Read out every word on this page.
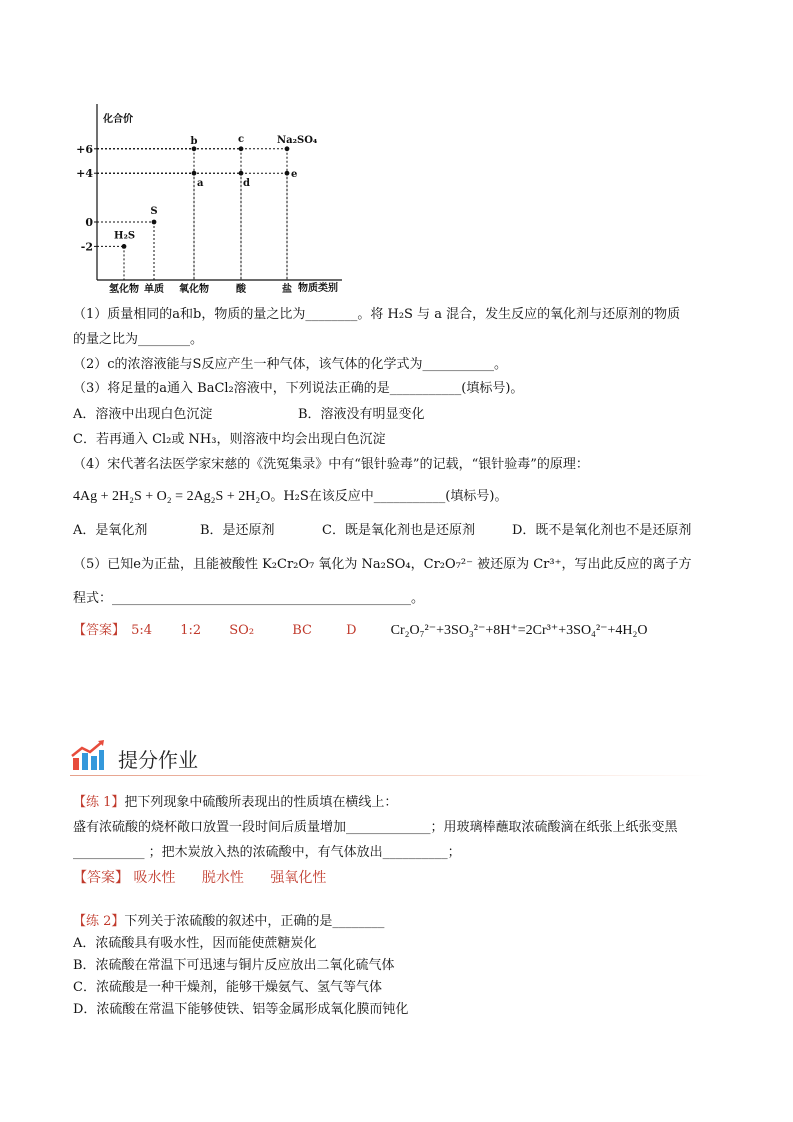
化合价
+6
+4
0
-2
氢化物 单质 氧化物	酸	盐 物质类别
H₂S
S
b
a
c
d
Na₂SO₄
e
（1）质量相同的a和b，物质的量之比为________。将 H₂S 与 a 混合，发生反应的氧化剂与还原剂的物质
的量之比为________。
（2）c的浓溶液能与S反应产生一种气体，该气体的化学式为___________。
（3）将足量的a通入 BaCl₂溶液中，下列说法正确的是___________(填标号)。
A．溶液中出现白色沉淀	B．溶液没有明显变化
C．若再通入 Cl₂或 NH₃，则溶液中均会出现白色沉淀
（4）宋代著名法医学家宋慈的《洗冤集录》中有“银针验毒”的记载，“银针验毒”的原理：
4Ag + 2H₂S + O₂ = 2Ag₂S + 2H₂O。H₂S在该反应中___________(填标号)。
A．是氧化剂	B．是还原剂	C．既是氧化剂也是还原剂	D．既不是氧化剂也不是还原剂
（5）已知e为正盐，且能被酸性 K₂Cr₂O₇ 氧化为 Na₂SO₄，Cr₂O₇²⁻ 被还原为 Cr³⁺，写出此反应的离子方
程式：______________________________________________。
【答案】 5:4 1:2 SO₂	BC	D Cr₂O₇²⁻+3SO₃²⁻+8H⁺=2Cr³⁺+3SO₄²⁻+4H₂O
提分作业
【练 1】把下列现象中硫酸所表现出的性质填在横线上：
盛有浓硫酸的烧杯敞口放置一段时间后质量增加_____________；用玻璃棒蘸取浓硫酸滴在纸张上纸张变黑
___________ ；把木炭放入热的浓硫酸中，有气体放出__________；
【答案】 吸水性 脱水性 强氧化性
【练 2】下列关于浓硫酸的叙述中，正确的是________
A．浓硫酸具有吸水性，因而能使蔗糖炭化
B．浓硫酸在常温下可迅速与铜片反应放出二氧化硫气体
C．浓硫酸是一种干燥剂，能够干燥氨气、氢气等气体
D．浓硫酸在常温下能够使铁、铝等金属形成氧化膜而钝化
